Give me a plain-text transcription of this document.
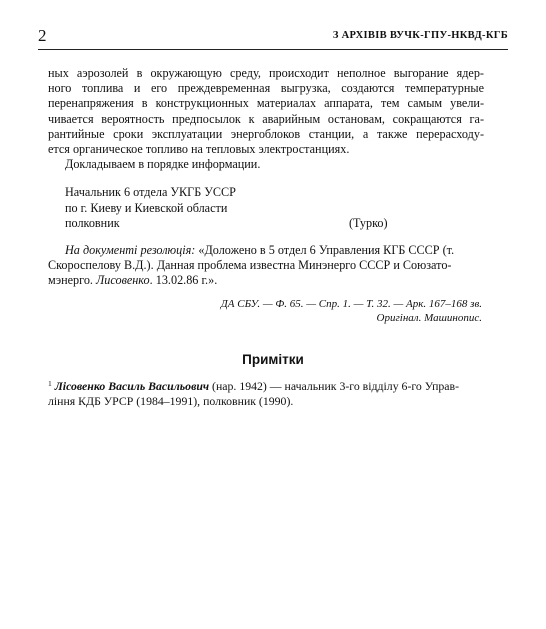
2	З АРХІВІВ ВУЧК-ГПУ-НКВД-КГБ

ных аэрозолей в окружающую среду, происходит неполное выгорание ядер-
ного топлива и его преждевременная выгрузка, создаются температурные
перенапряжения в конструкционных материалах аппарата, тем самым увели-
чивается вероятность предпосылок к аварийным остановам, сокращаются га-
рантийные сроки эксплуатации энергоблоков станции, а также перерасходу-
ется органическое топливо на тепловых электростанциях.

Докладываем в порядке информации.

Начальник 6 отдела УКГБ УССР
по г. Киеву и Киевской области
полковник	(Турко)
На документі резолюція: «Доложено в 5 отдел 6 Управления КГБ СССР (т.
Скороспелову В.Д.). Данная проблема известна Минэнерго СССР и Союзато-
мэнерго. Лисовенко. 13.02.86 г.».
ДА СБУ. — Ф. 65. — Спр. 1. — Т. 32. — Арк. 167–168 зв.
Оригінал. Машинопис.
Примітки
$^1$ Лісовенко Василь Васильович (нар. 1942) — начальник 3-го відділу 6-го Управ-
ління КДБ УРСР (1984–1991), полковник (1990).
